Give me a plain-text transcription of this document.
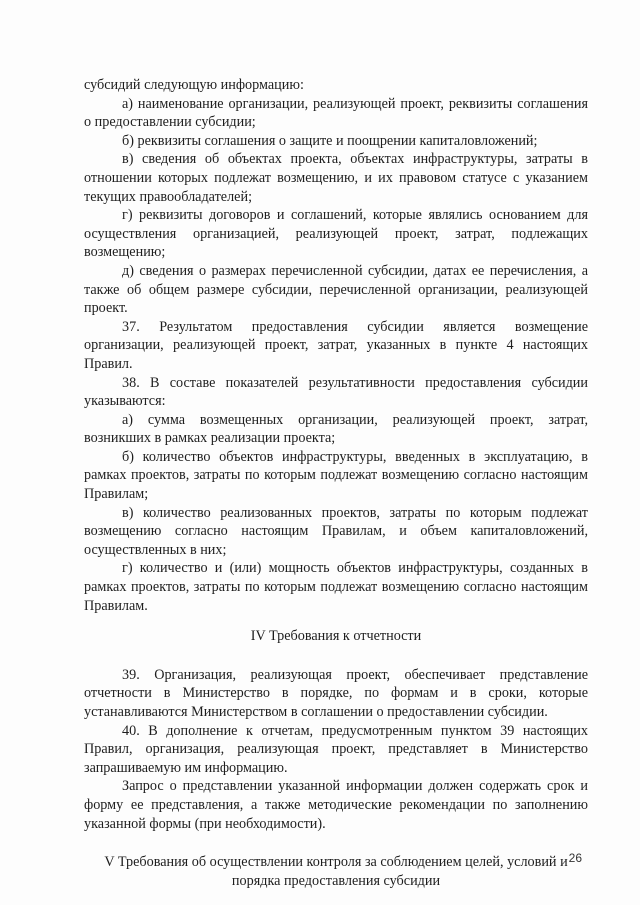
субсидий следующую информацию:

а) наименование организации, реализующей проект, реквизиты соглашения о предоставлении субсидии;

б) реквизиты соглашения о защите и поощрении капиталовложений;

в) сведения об объектах проекта, объектах инфраструктуры, затраты в отношении которых подлежат возмещению, и их правовом статусе с указанием текущих правообладателей;

г) реквизиты договоров и соглашений, которые являлись основанием для осуществления организацией, реализующей проект, затрат, подлежащих возмещению;

д) сведения о размерах перечисленной субсидии, датах ее перечисления, а также об общем размере субсидии, перечисленной организации, реализующей проект.

37. Результатом предоставления субсидии является возмещение организации, реализующей проект, затрат, указанных в пункте 4 настоящих Правил.

38. В составе показателей результативности предоставления субсидии указываются:

а) сумма возмещенных организации, реализующей проект, затрат, возникших в рамках реализации проекта;

б) количество объектов инфраструктуры, введенных в эксплуатацию, в рамках проектов, затраты по которым подлежат возмещению согласно настоящим Правилам;

в) количество реализованных проектов, затраты по которым подлежат возмещению согласно настоящим Правилам, и объем капиталовложений, осуществленных в них;

г) количество и (или) мощность объектов инфраструктуры, созданных в рамках проектов, затраты по которым подлежат возмещению согласно настоящим Правилам.

IV Требования к отчетности

39. Организация, реализующая проект, обеспечивает представление отчетности в Министерство в порядке, по формам и в сроки, которые устанавливаются Министерством в соглашении о предоставлении субсидии.

40. В дополнение к отчетам, предусмотренным пунктом 39 настоящих Правил, организация, реализующая проект, представляет в Министерство запрашиваемую им информацию.

Запрос о представлении указанной информации должен содержать срок и форму ее представления, а также методические рекомендации по заполнению указанной формы (при необходимости).

V Требования об осуществлении контроля за соблюдением целей, условий и

порядка предоставления субсидии

26
